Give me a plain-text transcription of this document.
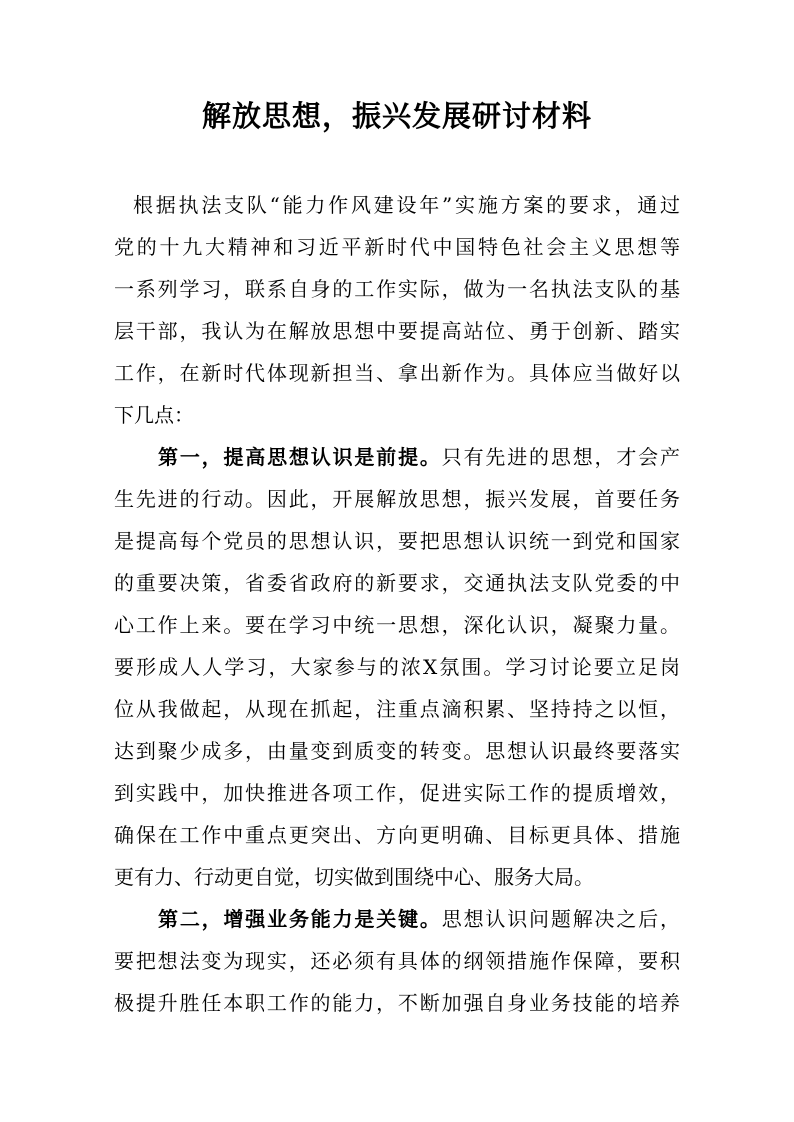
解放思想，振兴发展研讨材料
根据执法支队“能力作风建设年”实施方案的要求，通过
党的十九大精神和习近平新时代中国特色社会主义思想等
一系列学习，联系自身的工作实际，做为一名执法支队的基
层干部，我认为在解放思想中要提高站位、勇于创新、踏实
工作，在新时代体现新担当、拿出新作为。具体应当做好以
下几点：
第一，提高思想认识是前提。只有先进的思想，才会产
生先进的行动。因此，开展解放思想，振兴发展，首要任务
是提高每个党员的思想认识，要把思想认识统一到党和国家
的重要决策，省委省政府的新要求，交通执法支队党委的中
心工作上来。要在学习中统一思想，深化认识，凝聚力量。
要形成人人学习，大家参与的浓X氛围。学习讨论要立足岗
位从我做起，从现在抓起，注重点滴积累、坚持持之以恒，
达到聚少成多，由量变到质变的转变。思想认识最终要落实
到实践中，加快推进各项工作，促进实际工作的提质增效，
确保在工作中重点更突出、方向更明确、目标更具体、措施
更有力、行动更自觉，切实做到围绕中心、服务大局。
第二，增强业务能力是关键。思想认识问题解决之后，
要把想法变为现实，还必须有具体的纲领措施作保障，要积
极提升胜任本职工作的能力，不断加强自身业务技能的培养
